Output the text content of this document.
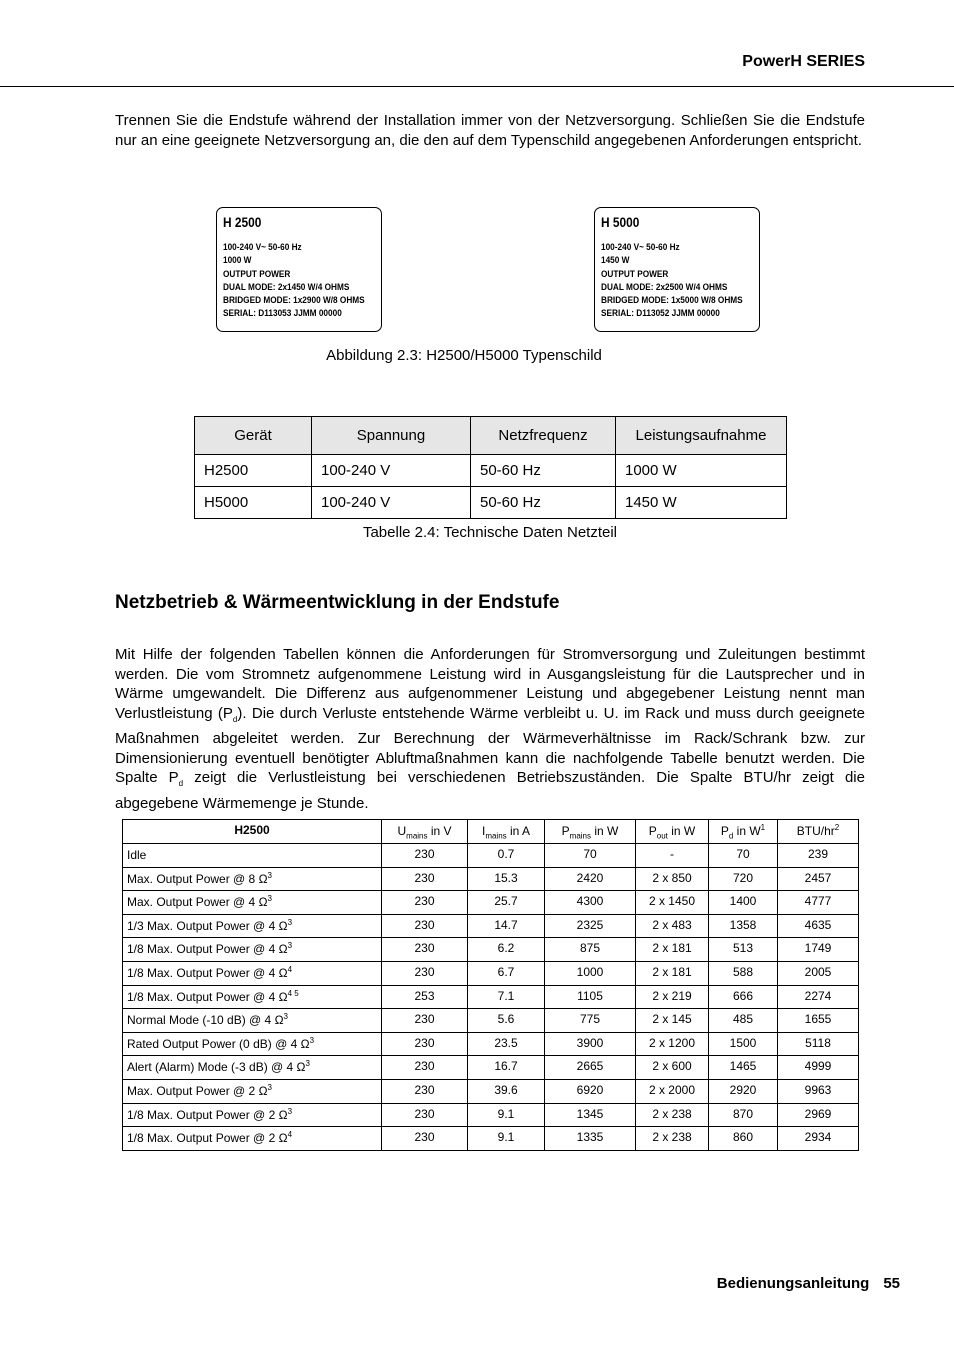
PowerH SERIES

Trennen Sie die Endstufe während der Installation immer von der Netzversorgung. Schließen Sie die Endstufe nur an eine geeignete Netzversorgung an, die den auf dem Typenschild angegebenen Anforderungen entspricht.

H 2500
100-240 V~ 50-60 Hz
1000 W
OUTPUT POWER
DUAL MODE: 2x1450 W/4 OHMS
BRIDGED MODE: 1x2900 W/8 OHMS
SERIAL: D113053 JJMM 00000
H 5000
100-240 V~ 50-60 Hz
1450 W
OUTPUT POWER
DUAL MODE: 2x2500 W/4 OHMS
BRIDGED MODE: 1x5000 W/8 OHMS
SERIAL: D113052 JJMM 00000
Abbildung 2.3: H2500/H5000 Typenschild
Gerät	Spannung	Netzfrequenz	Leistungsaufnahme
H2500	100-240 V	50-60 Hz	1000 W
H5000	100-240 V	50-60 Hz	1450 W
Tabelle 2.4: Technische Daten Netzteil
Netzbetrieb & Wärmeentwicklung in der Endstufe

Mit Hilfe der folgenden Tabellen können die Anforderungen für Stromversorgung und Zuleitungen bestimmt werden. Die vom Stromnetz aufgenommene Leistung wird in Ausgangsleistung für die Lautsprecher und in Wärme umgewandelt. Die Differenz aus aufgenommener Leistung und abgegebener Leistung nennt man Verlustleistung $(P_d)$. Die durch Verluste entstehende Wärme verbleibt u. U. im Rack und muss durch geeignete Maßnahmen abgeleitet werden. Zur Berechnung der Wärmeverhältnisse im Rack/Schrank bzw. zur Dimensionierung eventuell benötigter Abluftmaßnahmen kann die nachfolgende Tabelle benutzt werden. Die Spalte $P_d$ zeigt die Verlustleistung bei verschiedenen Betriebszuständen. Die Spalte BTU/hr zeigt die abgegebene Wärmemenge je Stunde.

H2500	$U_{mains}$ in V	$I_{mains}$ in A	$P_{mains}$ in W	$P_{out}$ in W	$P_d$ in $W^1$	BTU/$hr^2$
Idle	230	0.7	70	-	70	239
Max. Output Power @ 8 $\Omega^3$	230	15.3	2420	2 x 850	720	2457
Max. Output Power @ 4 $\Omega^3$	230	25.7	4300	2 x 1450	1400	4777
1/3 Max. Output Power @ 4 $\Omega^3$	230	14.7	2325	2 x 483	1358	4635
1/8 Max. Output Power @ 4 $\Omega^3$	230	6.2	875	2 x 181	513	1749
1/8 Max. Output Power @ 4 $\Omega^4$	230	6.7	1000	2 x 181	588	2005
1/8 Max. Output Power @ 4 $\Omega^{4 5}$	253	7.1	1105	2 x 219	666	2274
Normal Mode (-10 dB) @ 4 $\Omega^3$	230	5.6	775	2 x 145	485	1655
Rated Output Power (0 dB) @ 4 $\Omega^3$	230	23.5	3900	2 x 1200	1500	5118
Alert (Alarm) Mode (-3 dB) @ 4 $\Omega^3$	230	16.7	2665	2 x 600	1465	4999
Max. Output Power @ 2 $\Omega^3$	230	39.6	6920	2 x 2000	2920	9963
1/8 Max. Output Power @ 2 $\Omega^3$	230	9.1	1345	2 x 238	870	2969
1/8 Max. Output Power @ 2 $\Omega^4$	230	9.1	1335	2 x 238	860	2934
Bedienungsanleitung 55
